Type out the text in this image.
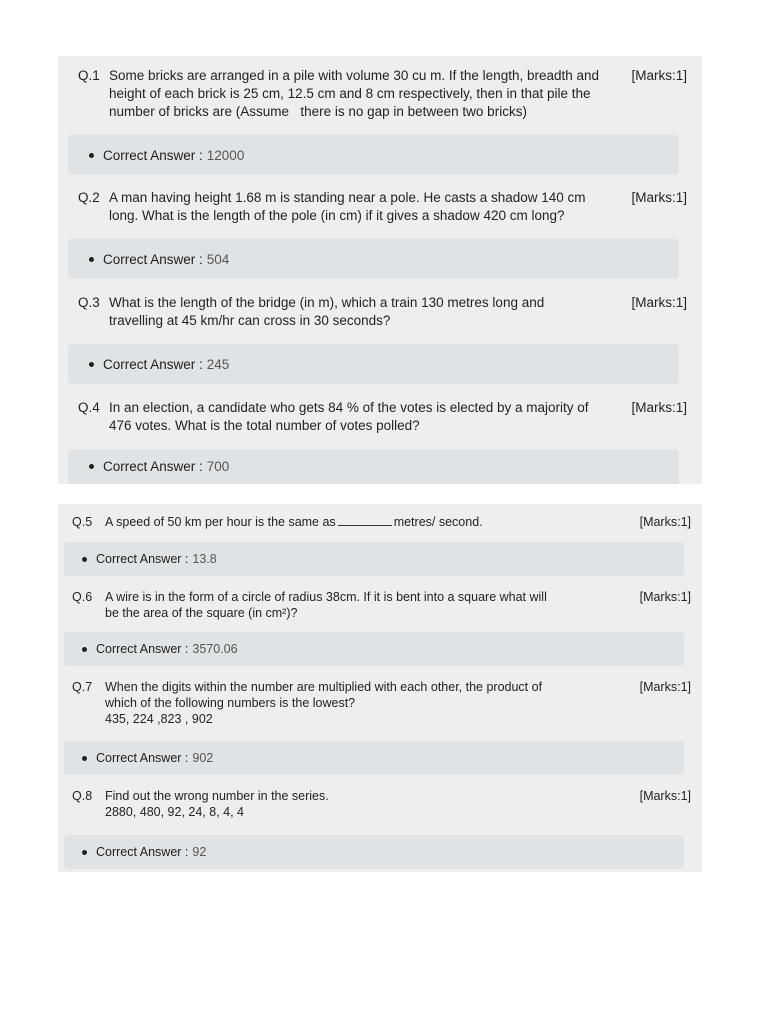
Q.1 Some bricks are arranged in a pile with volume 30 cu m. If the length, breadth and
height of each brick is 25 cm, 12.5 cm and 8 cm respectively, then in that pile the
number of bricks are (Assume   there is no gap in between two bricks)
[Marks:1]
Correct Answer : 12000
Q.2 A man having height 1.68 m is standing near a pole. He casts a shadow 140 cm
long. What is the length of the pole (in cm) if it gives a shadow 420 cm long?
[Marks:1]
Correct Answer : 504
Q.3 What is the length of the bridge (in m), which a train 130 metres long and
travelling at 45 km/hr can cross in 30 seconds?
[Marks:1]
Correct Answer : 245
Q.4 In an election, a candidate who gets 84 % of the votes is elected by a majority of
476 votes. What is the total number of votes polled?
[Marks:1]
Correct Answer : 700
Q.5 A speed of 50 km per hour is the same as	metres/ second.	[Marks:1]
Correct Answer : 13.8
Q.6 A wire is in the form of a circle of radius 38cm. If it is bent into a square what will
be the area of the square (in cm²)?
[Marks:1]
Correct Answer : 3570.06
Q.7 When the digits within the number are multiplied with each other, the product of
which of the following numbers is the lowest?
435, 224 ,823 , 902
[Marks:1]
Correct Answer : 902
Q.8 Find out the wrong number in the series.
2880, 480, 92, 24, 8, 4, 4
[Marks:1]
Correct Answer : 92
